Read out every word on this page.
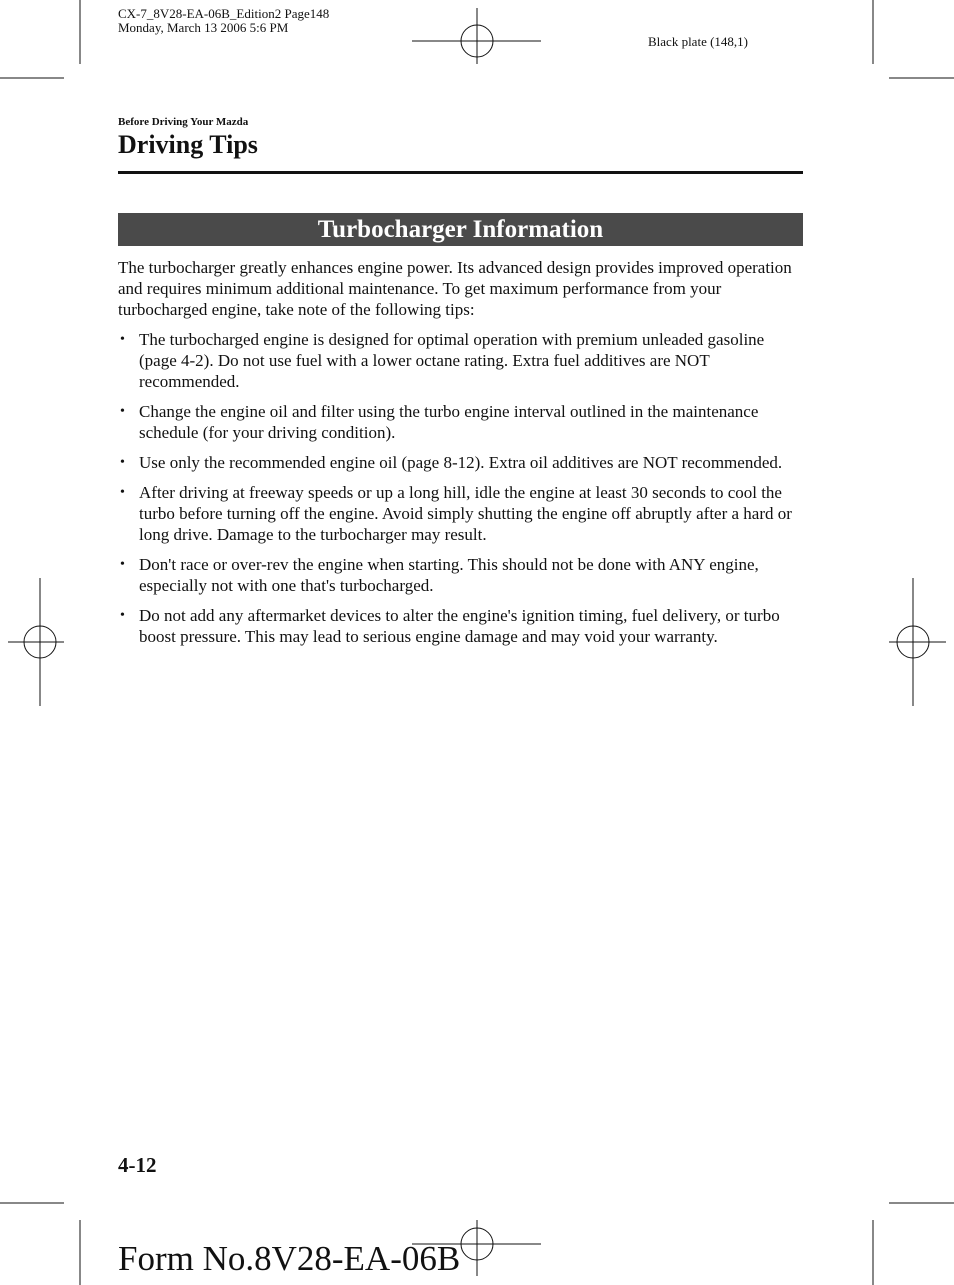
CX-7_8V28-EA-06B_Edition2 Page148
Monday, March 13 2006 5:6 PM
Black plate (148,1)
Before Driving Your Mazda
Driving Tips
Turbocharger Information

The turbocharger greatly enhances engine power. Its advanced design provides improved operation and requires minimum additional maintenance. To get maximum performance from your turbocharged engine, take note of the following tips:

• The turbocharged engine is designed for optimal operation with premium unleaded gasoline (page 4-2). Do not use fuel with a lower octane rating. Extra fuel additives are NOT recommended.
• Change the engine oil and filter using the turbo engine interval outlined in the maintenance schedule (for your driving condition).
• Use only the recommended engine oil (page 8-12). Extra oil additives are NOT recommended.
• After driving at freeway speeds or up a long hill, idle the engine at least 30 seconds to cool the turbo before turning off the engine. Avoid simply shutting the engine off abruptly after a hard or long drive. Damage to the turbocharger may result.
• Don't race or over-rev the engine when starting. This should not be done with ANY engine, especially not with one that's turbocharged.
• Do not add any aftermarket devices to alter the engine's ignition timing, fuel delivery, or turbo boost pressure. This may lead to serious engine damage and may void your warranty.
4-12
Form No.8V28-EA-06B
